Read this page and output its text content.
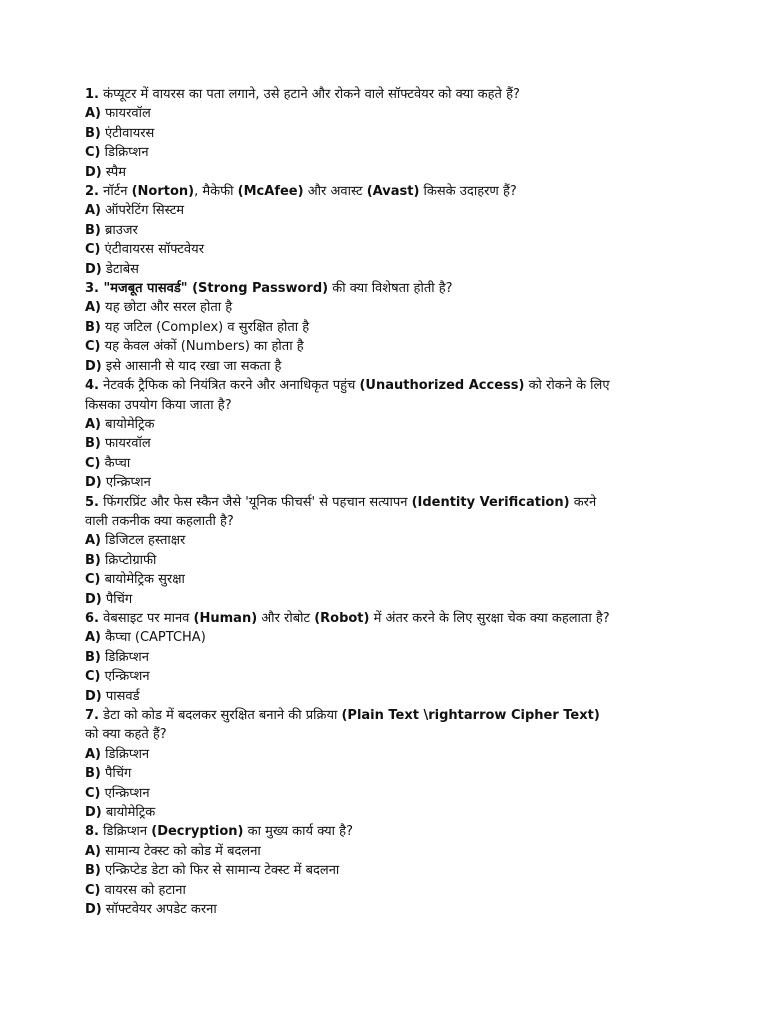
1. कंप्यूटर में वायरस का पता लगाने, उसे हटाने और रोकने वाले सॉफ्टवेयर को क्या कहते हैं?
A) फायरवॉल
B) एंटीवायरस
C) डिक्रिप्शन
D) स्पैम
2. नॉर्टन (Norton), मैकेफी (McAfee) और अवास्ट (Avast) किसके उदाहरण हैं?
A) ऑपरेटिंग सिस्टम
B) ब्राउजर
C) एंटीवायरस सॉफ्टवेयर
D) डेटाबेस
3. "मजबूत पासवर्ड" (Strong Password) की क्या विशेषता होती है?
A) यह छोटा और सरल होता है
B) यह जटिल (Complex) व सुरक्षित होता है
C) यह केवल अंकों (Numbers) का होता है
D) इसे आसानी से याद रखा जा सकता है
4. नेटवर्क ट्रैफिक को नियंत्रित करने और अनाधिकृत पहुंच (Unauthorized Access) को रोकने के लिए किसका उपयोग किया जाता है?
A) बायोमेट्रिक
B) फायरवॉल
C) कैप्चा
D) एन्क्रिप्शन
5. फिंगरप्रिंट और फेस स्कैन जैसे 'यूनिक फीचर्स' से पहचान सत्यापन (Identity Verification) करने वाली तकनीक क्या कहलाती है?
A) डिजिटल हस्ताक्षर
B) क्रिप्टोग्राफी
C) बायोमेट्रिक सुरक्षा
D) पैचिंग
6. वेबसाइट पर मानव (Human) और रोबोट (Robot) में अंतर करने के लिए सुरक्षा चेक क्या कहलाता है?
A) कैप्चा (CAPTCHA)
B) डिक्रिप्शन
C) एन्क्रिप्शन
D) पासवर्ड
7. डेटा को कोड में बदलकर सुरक्षित बनाने की प्रक्रिया (Plain Text \rightarrow Cipher Text) को क्या कहते हैं?
A) डिक्रिप्शन
B) पैचिंग
C) एन्क्रिप्शन
D) बायोमेट्रिक
8. डिक्रिप्शन (Decryption) का मुख्य कार्य क्या है?
A) सामान्य टेक्स्ट को कोड में बदलना
B) एन्क्रिप्टेड डेटा को फिर से सामान्य टेक्स्ट में बदलना
C) वायरस को हटाना
D) सॉफ्टवेयर अपडेट करना
